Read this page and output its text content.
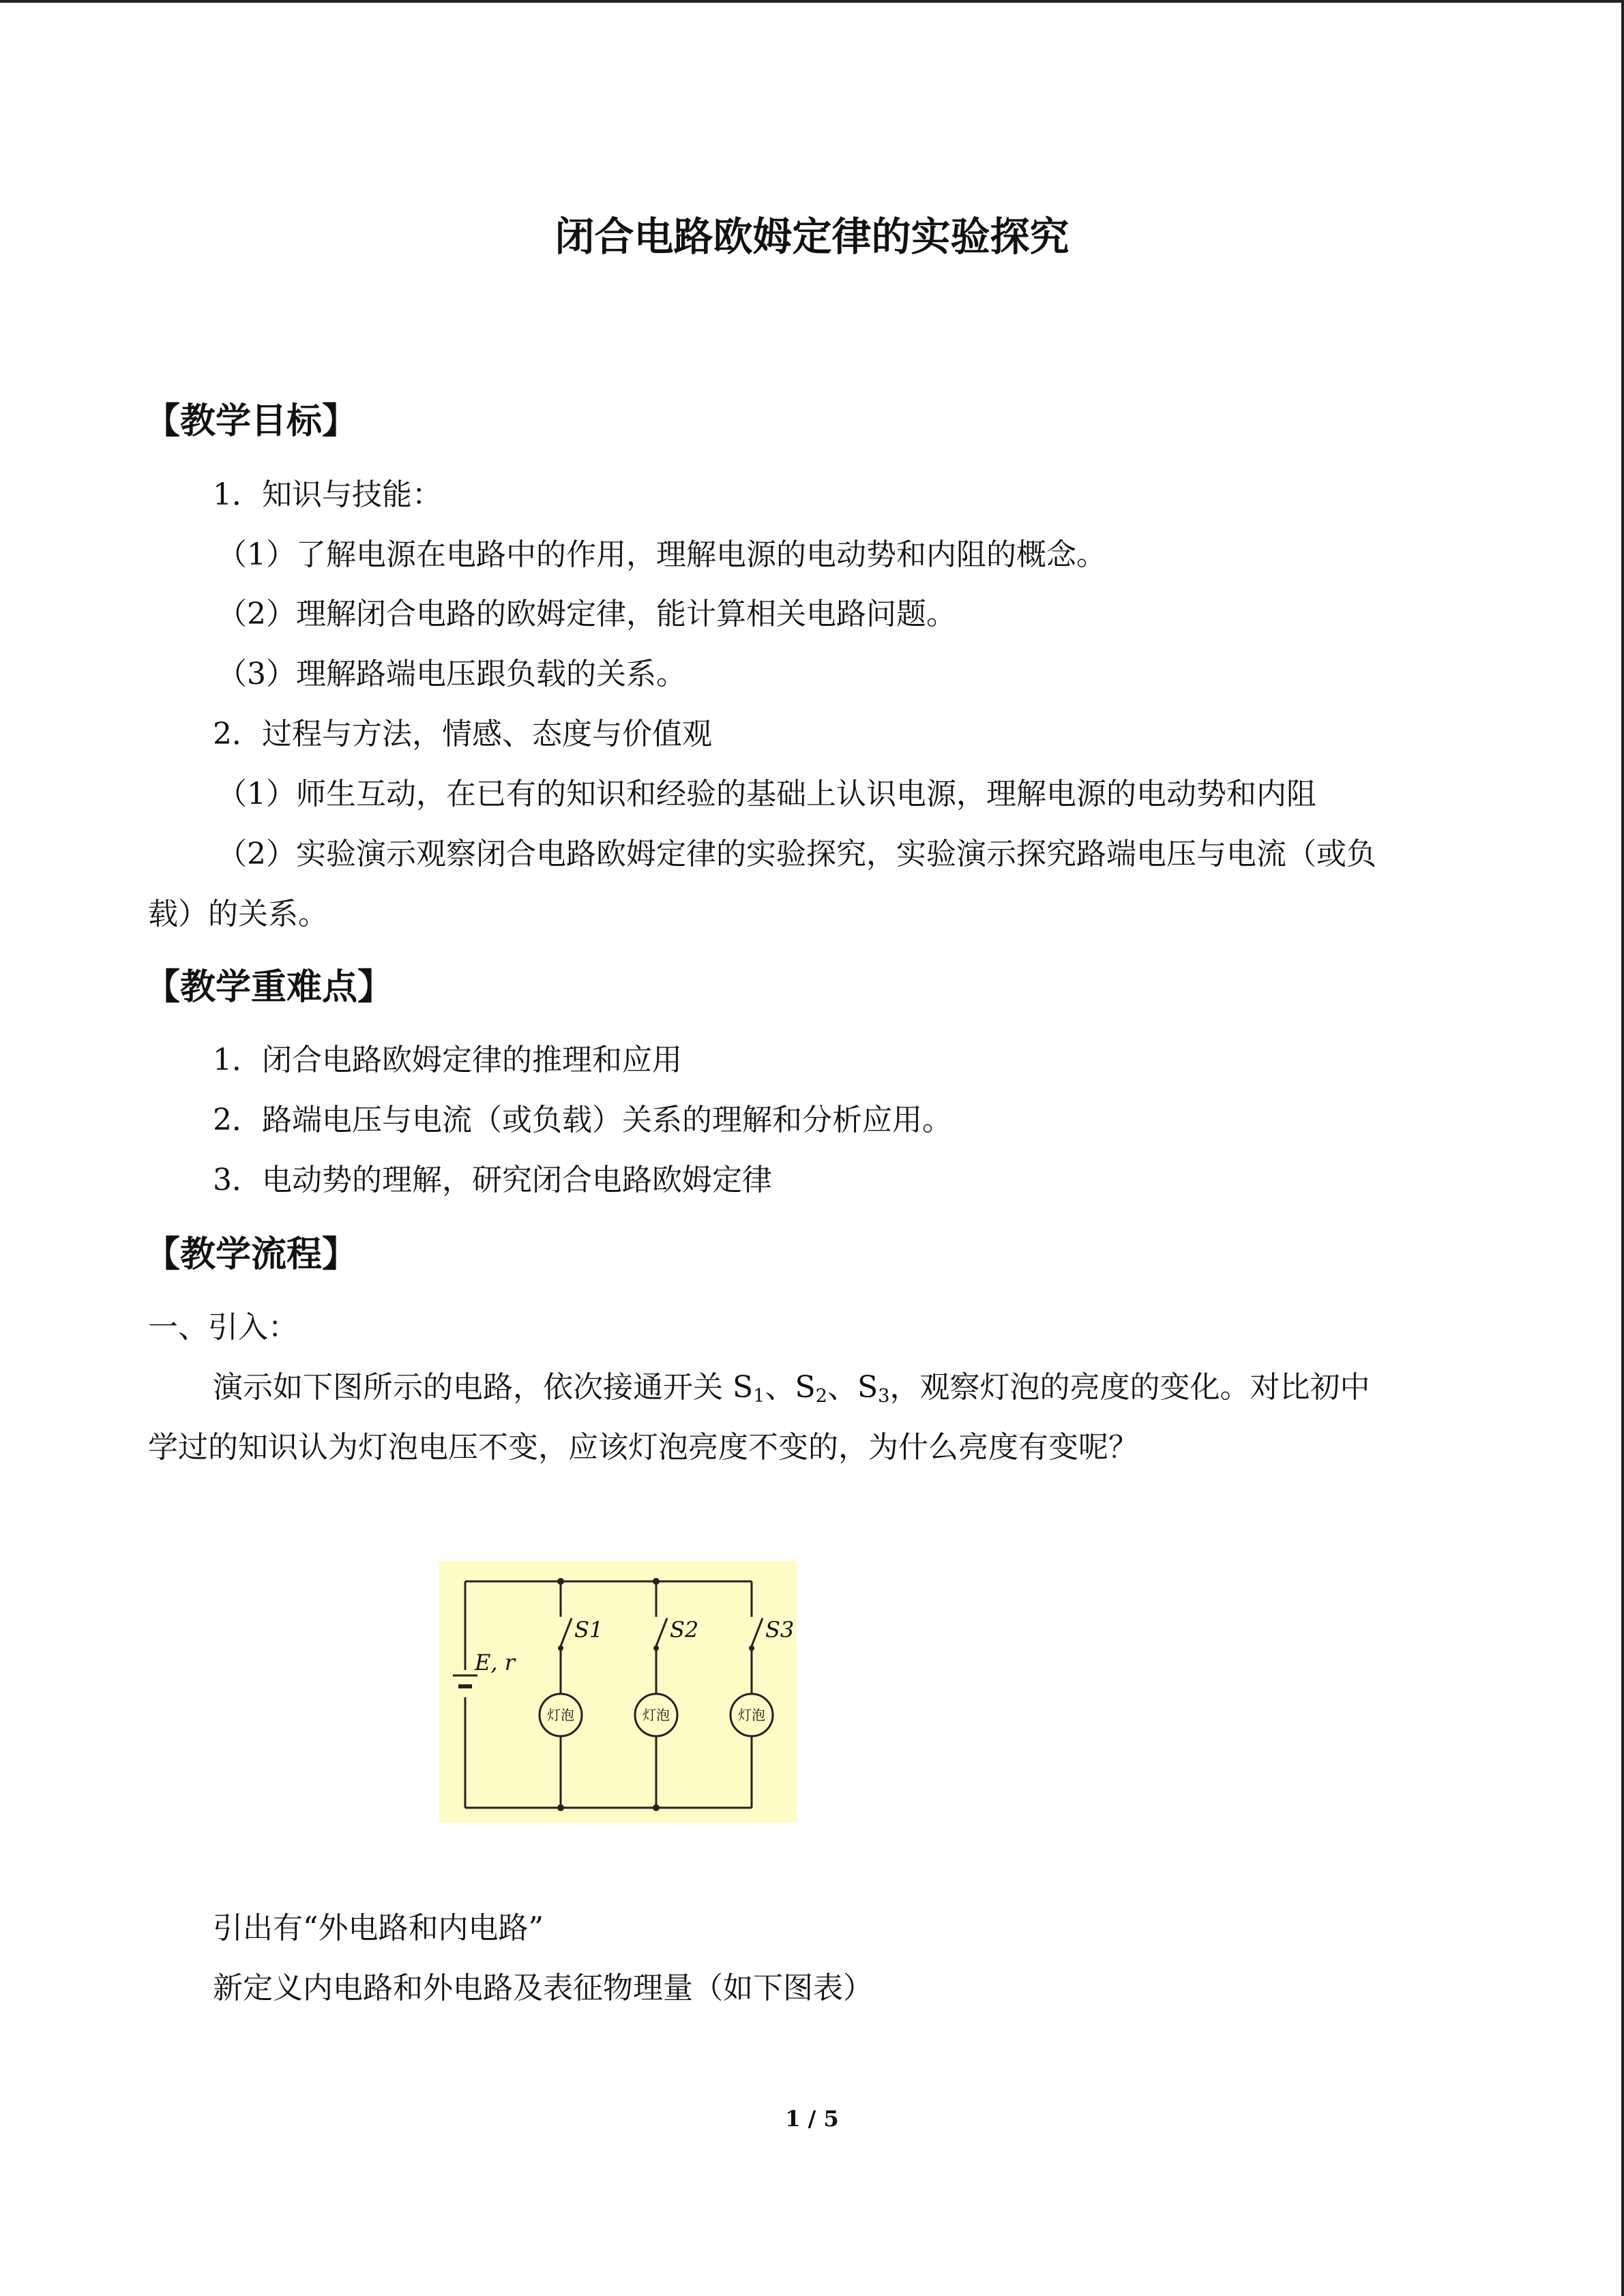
闭合电路欧姆定律的实验探究
【教学目标】
1．知识与技能：
（1）了解电源在电路中的作用，理解电源的电动势和内阻的概念。
（2）理解闭合电路的欧姆定律，能计算相关电路问题。
（3）理解路端电压跟负载的关系。
2．过程与方法，情感、态度与价值观
（1）师生互动，在已有的知识和经验的基础上认识电源，理解电源的电动势和内阻
（2）实验演示观察闭合电路欧姆定律的实验探究，实验演示探究路端电压与电流（或负
载）的关系。
【教学重难点】
1．闭合电路欧姆定律的推理和应用
2．路端电压与电流（或负载）关系的理解和分析应用。
3．电动势的理解，研究闭合电路欧姆定律
【教学流程】
一、引入：
演示如下图所示的电路，依次接通开关 $S_1$、$S_2$、$S_3$，观察灯泡的亮度的变化。对比初中
学过的知识认为灯泡电压不变，应该灯泡亮度不变的，为什么亮度有变呢？
灯泡	灯泡	灯泡
S1	S2	S3
E, r
引出有“外电路和内电路”
新定义内电路和外电路及表征物理量（如下图表）
1 / 5
